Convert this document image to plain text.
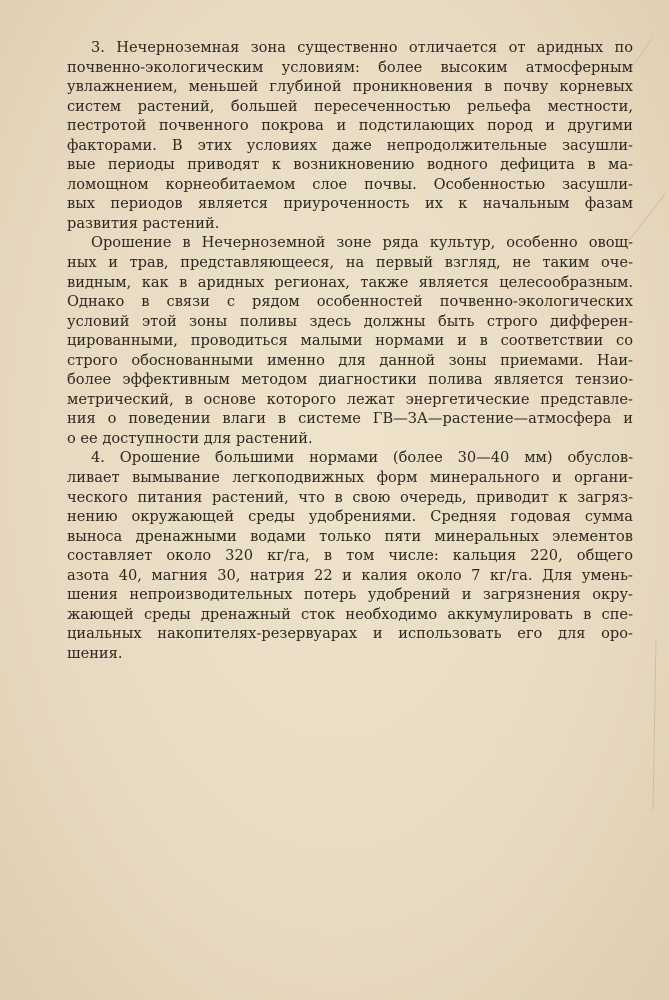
3. Нечерноземная зона существенно отличается от аридных по
почвенно-экологическим условиям: более высоким атмосферным
увлажнением, меньшей глубиной проникновения в почву корневых
систем растений, большей пересеченностью рельефа местности,
пестротой почвенного покрова и подстилающих пород и другими
факторами. В этих условиях даже непродолжительные засушли-
вые периоды приводят к возникновению водного дефицита в ма-
ломощном корнеобитаемом слое почвы. Особенностью засушли-
вых периодов является приуроченность их к начальным фазам
развития растений.
Орошение в Нечерноземной зоне ряда культур, особенно овощ-
ных и трав, представляющееся, на первый взгляд, не таким оче-
видным, как в аридных регионах, также является целесообразным.
Однако в связи с рядом особенностей почвенно-экологических
условий этой зоны поливы здесь должны быть строго дифферен-
цированными, проводиться малыми нормами и в соответствии со
строго обоснованными именно для данной зоны приемами. Наи-
более эффективным методом диагностики полива является тензио-
метрический, в основе которого лежат энергетические представле-
ния о поведении влаги в системе ГВ—ЗА—растение—атмосфера и
о ее доступности для растений.
4. Орошение большими нормами (более 30—40 мм) обуслов-
ливает вымывание легкоподвижных форм минерального и органи-
ческого питания растений, что в свою очередь, приводит к загряз-
нению окружающей среды удобрениями. Средняя годовая сумма
выноса дренажными водами только пяти минеральных элементов
составляет около 320 кг/га, в том числе: кальция 220, общего
азота 40, магния 30, натрия 22 и калия около 7 кг/га. Для умень-
шения непроизводительных потерь удобрений и загрязнения окру-
жающей среды дренажный сток необходимо аккумулировать в спе-
циальных накопителях-резервуарах и использовать его для оро-
шения.
